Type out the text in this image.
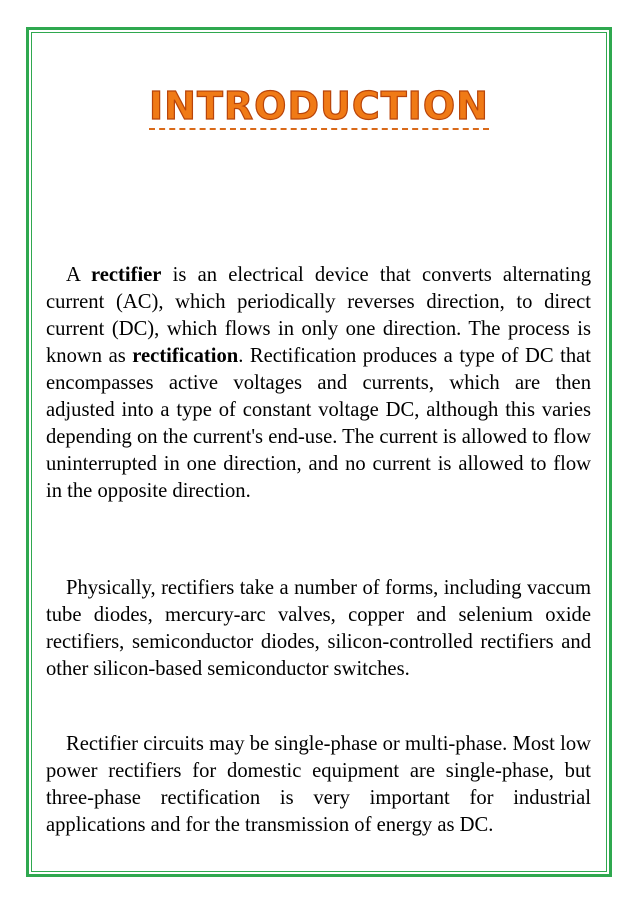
INTRODUCTION

A rectifier is an electrical device that converts alternating current (AC), which periodically reverses direction, to direct current (DC), which flows in only one direction. The process is known as rectification. Rectification produces a type of DC that encompasses active voltages and currents, which are then adjusted into a type of constant voltage DC, although this varies depending on the current's end-use. The current is allowed to flow uninterrupted in one direction, and no current is allowed to flow in the opposite direction.

Physically, rectifiers take a number of forms, including vaccum tube diodes, mercury-arc valves, copper and selenium oxide rectifiers, semiconductor diodes, silicon-controlled rectifiers and other silicon-based semiconductor switches.

Rectifier circuits may be single-phase or multi-phase. Most low power rectifiers for domestic equipment are single-phase, but three-phase rectification is very important for industrial applications and for the transmission of energy as DC.
